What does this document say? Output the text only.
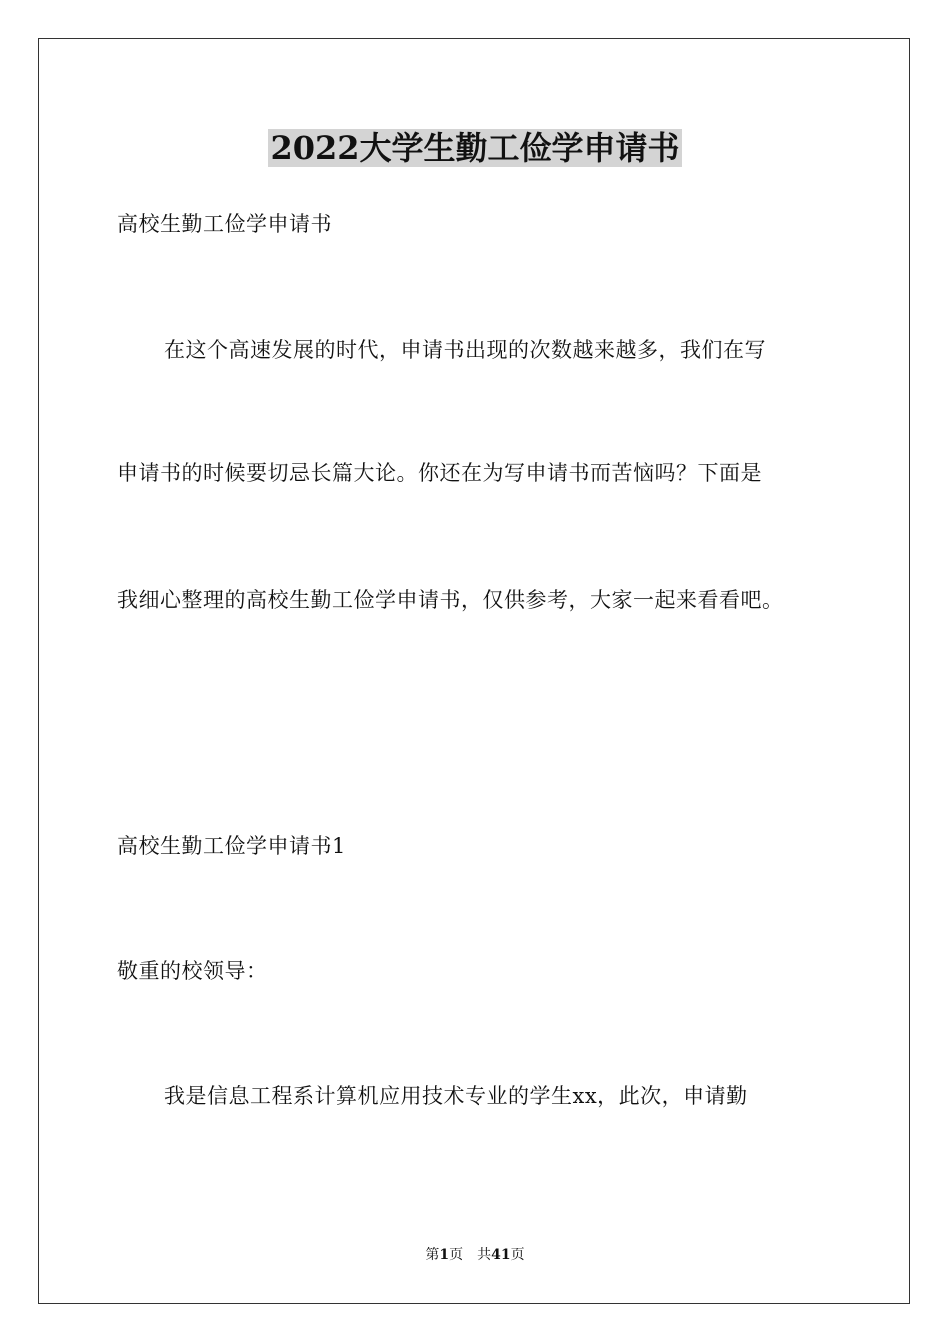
2022大学生勤工俭学申请书
高校生勤工俭学申请书
在这个高速发展的时代，申请书出现的次数越来越多，我们在写
申请书的时候要切忌长篇大论。你还在为写申请书而苦恼吗？下面是
我细心整理的高校生勤工俭学申请书，仅供参考，大家一起来看看吧。
高校生勤工俭学申请书1
敬重的校领导：
我是信息工程系计算机应用技术专业的学生xx，此次，申请勤
第1页 共41页
